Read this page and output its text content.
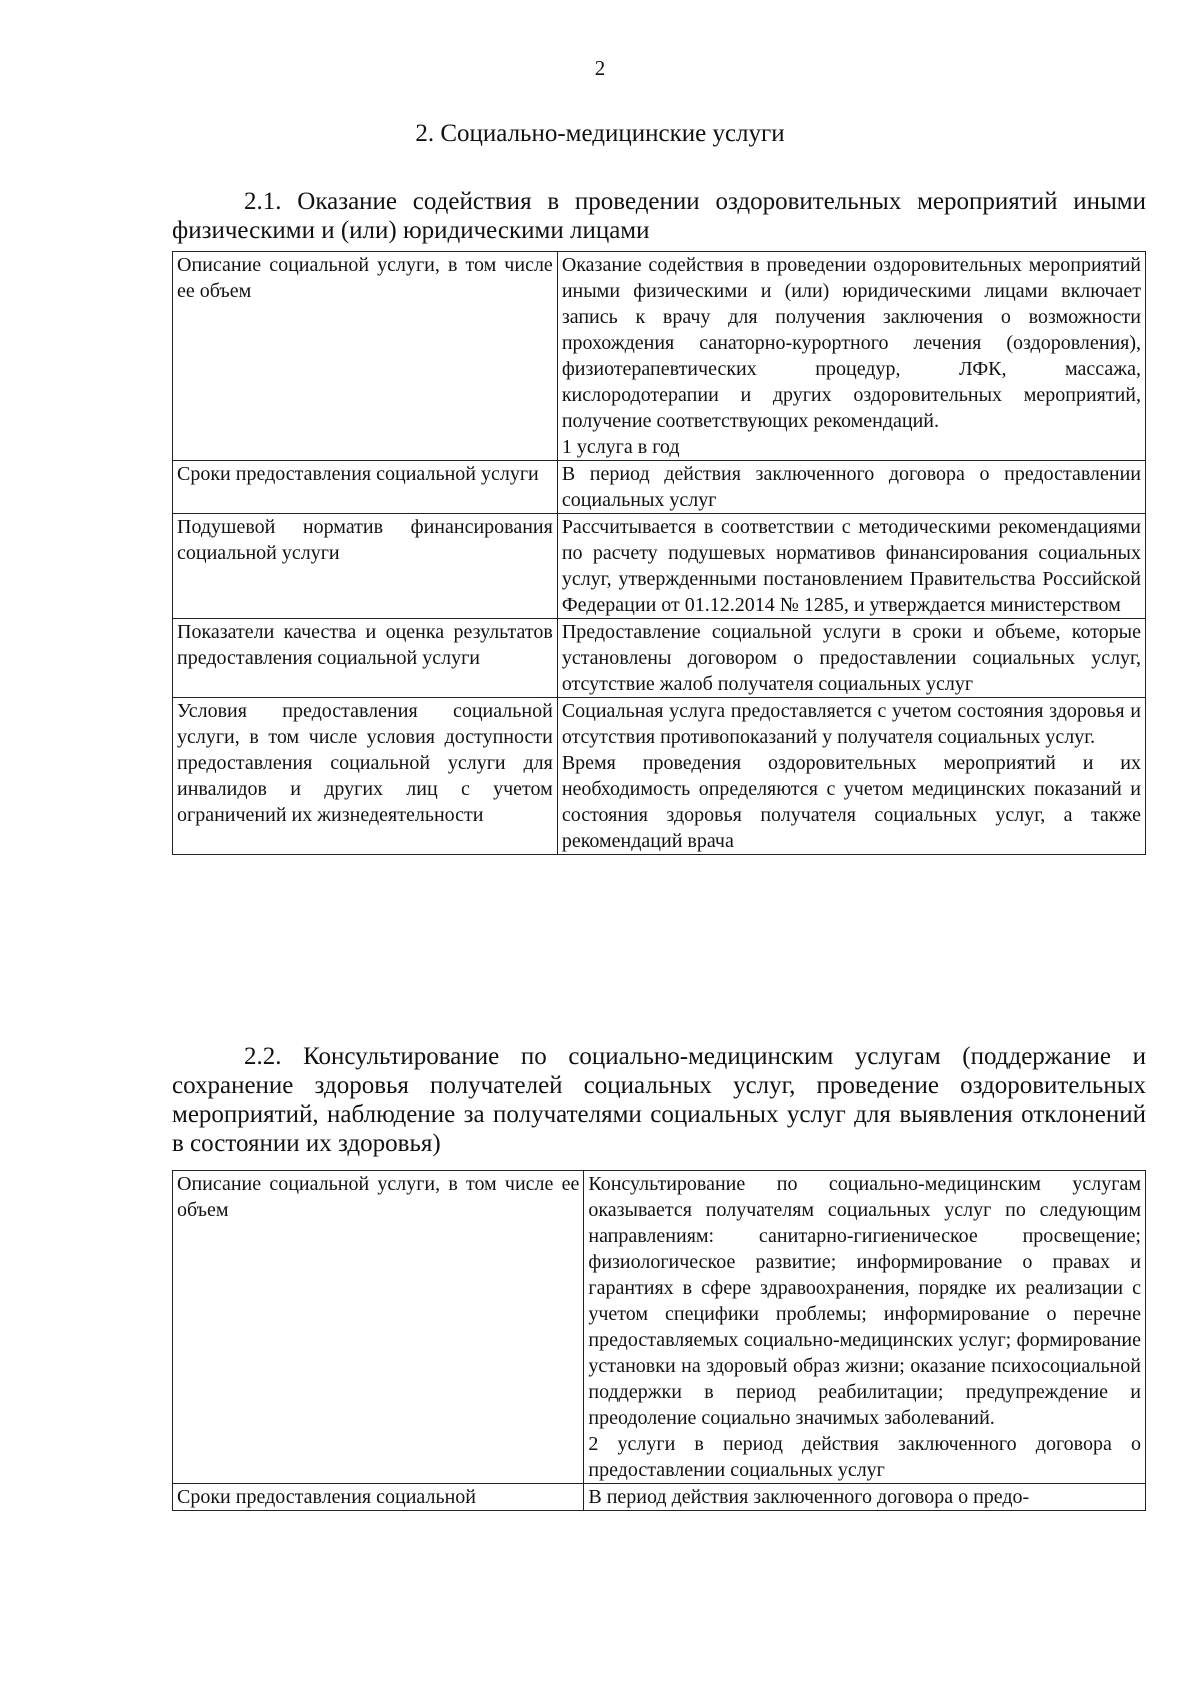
2
2. Социально-медицинские услуги
2.1. Оказание содействия в проведении оздоровительных мероприятий иными физическими и (или) юридическими лицами
Описание социальной услуги, в том числе ее объем	Оказание содействия в проведении оздоровительных мероприятий иными физическими и (или) юридическими лицами включает запись к врачу для получения заключения о возможности прохождения санаторно-курортного лечения (оздоровления), физиотерапевтических процедур, ЛФК, массажа, кислородотерапии и других оздоровительных мероприятий, получение соответствующих рекомендаций.
1 услуга в год
Сроки предоставления социальной услуги	В период действия заключенного договора о предоставлении социальных услуг
Подушевой норматив финансирования социальной услуги	Рассчитывается в соответствии с методическими рекомендациями по расчету подушевых нормативов финансирования социальных услуг, утвержденными постановлением Правительства Российской Федерации от 01.12.2014 № 1285, и утверждается министерством
Показатели качества и оценка результатов предоставления социальной услуги	Предоставление социальной услуги в сроки и объеме, которые установлены договором о предоставлении социальных услуг, отсутствие жалоб получателя социальных услуг
Условия предоставления социальной услуги, в том числе условия доступности предоставления социальной услуги для инвалидов и других лиц с учетом ограничений их жизнедеятельности	Социальная услуга предоставляется с учетом состояния здоровья и отсутствия противопоказаний у получателя социальных услуг.
Время проведения оздоровительных мероприятий и их необходимость определяются с учетом медицинских показаний и состояния здоровья получателя социальных услуг, а также рекомендаций врача
2.2. Консультирование по социально-медицинским услугам (поддержание и сохранение здоровья получателей социальных услуг, проведение оздоровительных мероприятий, наблюдение за получателями социальных услуг для выявления отклонений в состоянии их здоровья)
Описание социальной услуги, в том числе ее объем	Консультирование по социально-медицинским услугам оказывается получателям социальных услуг по следующим направлениям: санитарно-гигиеническое просвещение; физиологическое развитие; информирование о правах и гарантиях в сфере здравоохранения, порядке их реализации с учетом специфики проблемы; информирование о перечне предоставляемых социально-медицинских услуг; формирование установки на здоровый образ жизни; оказание психосоциальной поддержки в период реабилитации; предупреждение и преодоление социально значимых заболеваний.
2 услуги в период действия заключенного договора о предоставлении социальных услуг
Сроки предоставления социальной	В период действия заключенного договора о предо-
